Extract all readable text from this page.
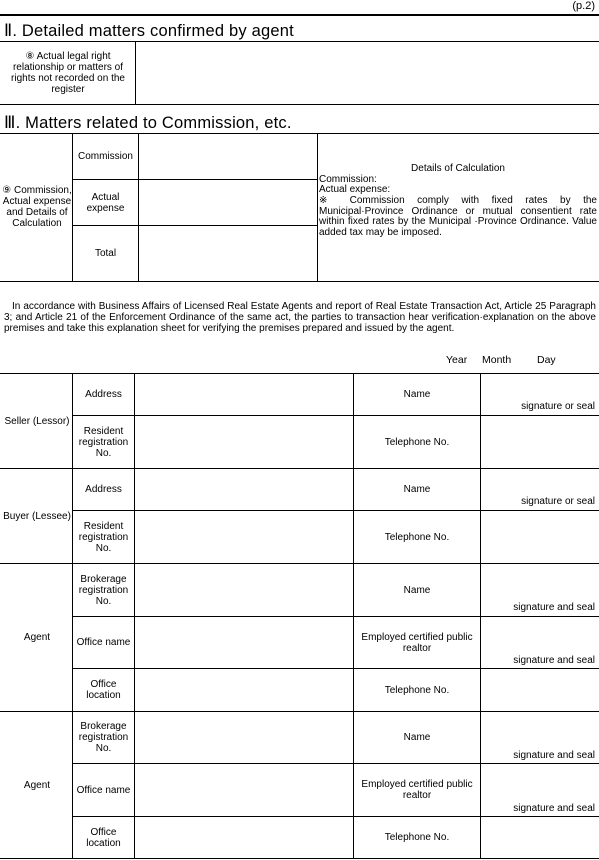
(p.2)
Ⅱ. Detailed matters confirmed by agent
⑧ Actual legal right relationship or matters of rights not recorded on the register
Ⅲ. Matters related to Commission, etc.
⑨ Commission, Actual expense and Details of Calculation
Commission
Actual expense
Total
Details of Calculation
Commission:
Actual expense:
※ Commission comply with fixed rates by the Municipal·Province Ordinance or mutual consentient rate within fixed rates by the Municipal ·Province Ordinance. Value added tax may be imposed.
In accordance with Business Affairs of Licensed Real Estate Agents and report of Real Estate Transaction Act, Article 25 Paragraph 3; and Article 21 of the Enforcement Ordinance of the same act, the parties to transaction hear verification·explanation on the above premises and take this explanation sheet for verifying the premises prepared and issued by the agent.
Year Month Day
Seller (Lessor)
Address
Resident registration No.
Name
Telephone No.
signature or seal
Buyer (Lessee)
Address
Resident registration No.
Name
Telephone No.
signature or seal
Agent
Brokerage registration No.
Office name
Office location
Name
Employed certified public realtor
Telephone No.
signature and seal
signature and seal
Agent
Brokerage registration No.
Office name
Office location
Name
Employed certified public realtor
Telephone No.
signature and seal
signature and seal
